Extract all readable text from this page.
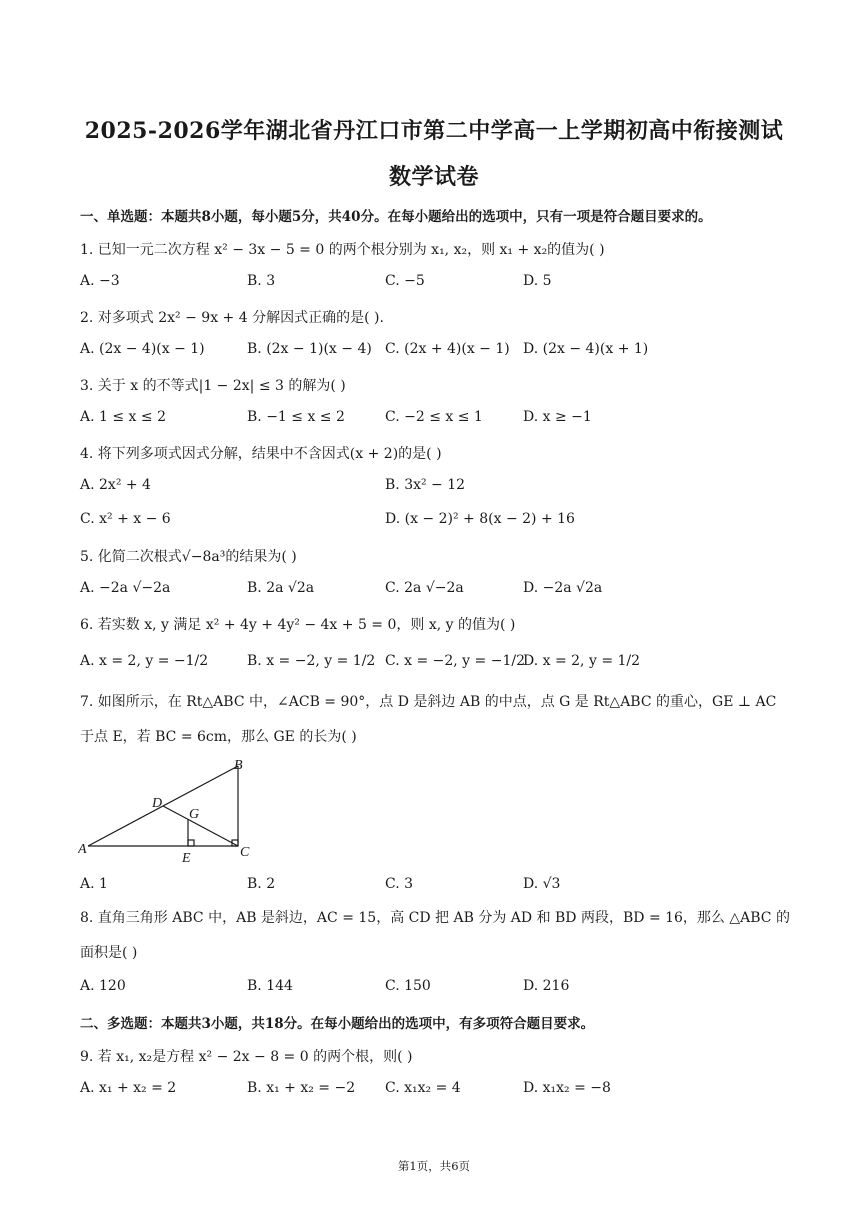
2025-2026学年湖北省丹江口市第二中学高一上学期初高中衔接测试
数学试卷
一、单选题：本题共8小题，每小题5分，共40分。在每小题给出的选项中，只有一项是符合题目要求的。
1. 已知一元二次方程 x² − 3x − 5 = 0 的两个根分别为 x₁, x₂，则 x₁ + x₂的值为( )
A. −3	B. 3	C. −5	D. 5
2. 对多项式 2x² − 9x + 4 分解因式正确的是( ).
A. (2x − 4)(x − 1)	B. (2x − 1)(x − 4) C. (2x + 4)(x − 1) D. (2x − 4)(x + 1)
3. 关于 x 的不等式|1 − 2x| ≤ 3 的解为( )
A. 1 ≤ x ≤ 2	B. −1 ≤ x ≤ 2	C. −2 ≤ x ≤ 1	D. x ≥ −1
4. 将下列多项式因式分解，结果中不含因式(x + 2)的是( )
A. 2x² + 4	B. 3x² − 12
C. x² + x − 6	D. (x − 2)² + 8(x − 2) + 16
5. 化简二次根式√−8a³的结果为( )
A. −2a √−2a	B. 2a √2a	C. 2a √−2a	D. −2a √2a
6. 若实数 x, y 满足 x² + 4y + 4y² − 4x + 5 = 0，则 x, y 的值为( )
A. x = 2, y = −1/2	B. x = −2, y = 1/2 C. x = −2, y = −1/2
D. x = 2, y = 1/2
7. 如图所示，在 Rt△ABC 中，∠ACB = 90°，点 D 是斜边 AB 的中点，点 G 是 Rt△ABC 的重心，GE ⊥ AC 于点 E，若 BC = 6cm，那么 GE 的长为( )
B
D
G
A
E	C
A. 1	B. 2	C. 3	D. √3
8. 直角三角形 ABC 中，AB 是斜边，AC = 15，高 CD 把 AB 分为 AD 和 BD 两段，BD = 16，那么 △ABC 的面积是( )
A. 120	B. 144	C. 150	D. 216
二、多选题：本题共3小题，共18分。在每小题给出的选项中，有多项符合题目要求。
9. 若 x₁, x₂是方程 x² − 2x − 8 = 0 的两个根，则( )
A. x₁ + x₂ = 2	B. x₁ + x₂ = −2 C. x₁x₂ = 4	D. x₁x₂ = −8
第1页，共6页
